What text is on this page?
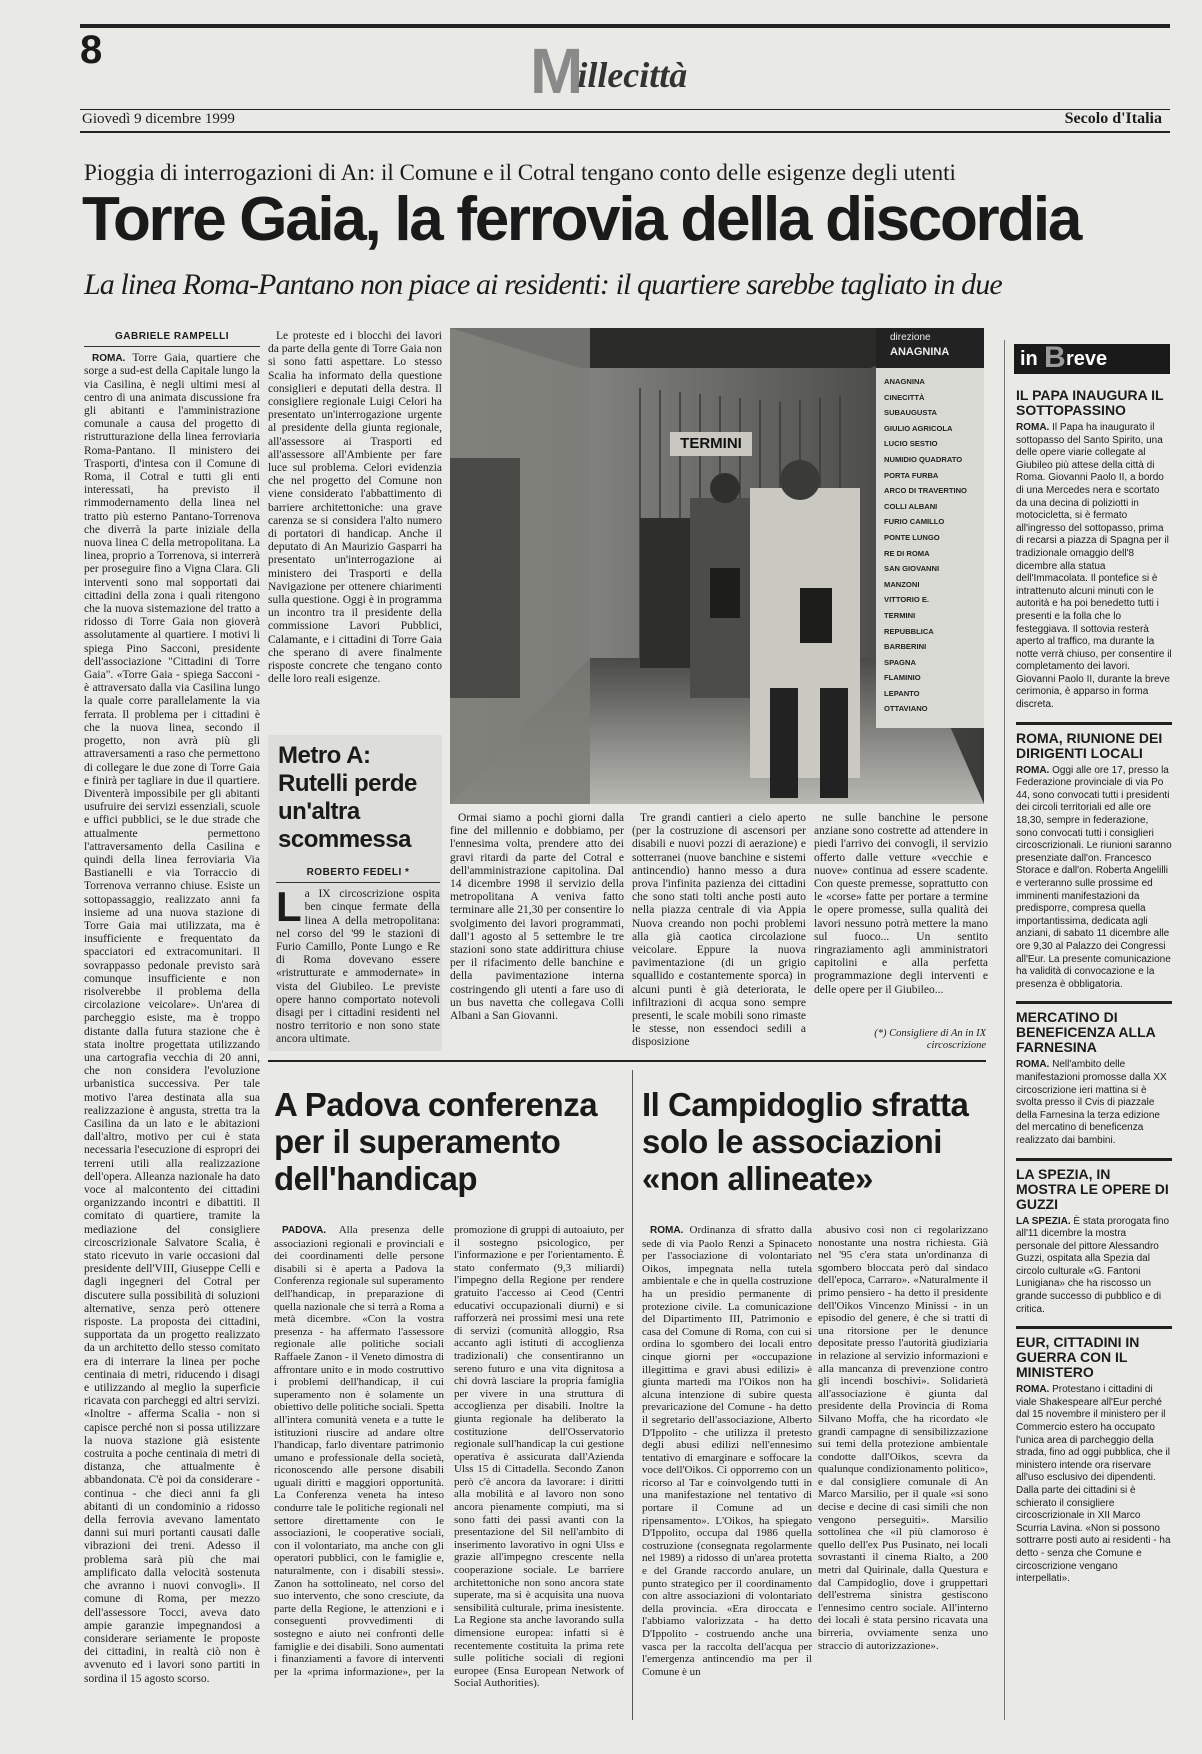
8	Millecittà
Giovedì 9 dicembre 1999	Secolo d'Italia
Pioggia di interrogazioni di An: il Comune e il Cotral tengano conto delle esigenze degli utenti
Torre Gaia, la ferrovia della discordia
La linea Roma-Pantano non piace ai residenti: il quartiere sarebbe tagliato in due
GABRIELE RAMPELLI

ROMA. Torre Gaia, quartiere che sorge a sud-est della Capitale lungo la via Casilina, è negli ultimi mesi al centro di una animata discussione fra gli abitanti e l'amministrazione comunale a causa del progetto di ristrutturazione della linea ferroviaria Roma-Pantano. Il ministero dei Trasporti, d'intesa con il Comune di Roma, il Cotral e tutti gli enti interessati, ha previsto il rimmodernamento della linea nel tratto più esterno Pantano-Torrenova che diverrà la parte iniziale della nuova linea C della metropolitana. La linea, proprio a Torrenova, si interrerà per proseguire fino a Vigna Clara. Gli interventi sono mal sopportati dai cittadini della zona i quali ritengono che la nuova sistemazione del tratto a ridosso di Torre Gaia non gioverà assolutamente al quartiere. I motivi li spiega Pino Sacconi, presidente dell'associazione "Cittadini di Torre Gaia". «Torre Gaia - spiega Sacconi - è attraversato dalla via Casilina lungo la quale corre parallelamente la via ferrata. Il problema per i cittadini è che la nuova linea, secondo il progetto, non avrà più gli attraversamenti a raso che permettono di collegare le due zone di Torre Gaia e finirà per tagliare in due il quartiere. Diventerà impossibile per gli abitanti usufruire dei servizi essenziali, scuole e uffici pubblici, se le due strade che attualmente permettono l'attraversamento della Casilina e quindi della linea ferroviaria Via Bastianelli e via Torraccio di Torrenova verranno chiuse. Esiste un sottopassaggio, realizzato anni fa insieme ad una nuova stazione di Torre Gaia mai utilizzata, ma è insufficiente e frequentato da spacciatori ed extracomunitari. Il sovrappasso pedonale previsto sarà comunque insufficiente e non risolverebbe il problema della circolazione veicolare». Un'area di parcheggio esiste, ma è troppo distante dalla futura stazione che è stata inoltre progettata utilizzando una cartografia vecchia di 20 anni, che non considera l'evoluzione urbanistica successiva. Per tale motivo l'area destinata alla sua realizzazione è angusta, stretta tra la Casilina da un lato e le abitazioni dall'altro, motivo per cui è stata necessaria l'esecuzione di espropri dei terreni utili alla realizzazione dell'opera. Alleanza nazionale ha dato voce al malcontento dei cittadini organizzando incontri e dibattiti. Il comitato di quartiere, tramite la mediazione del consigliere circoscrizionale Salvatore Scalia, è stato ricevuto in varie occasioni dal presidente dell'VIII, Giuseppe Celli e dagli ingegneri del Cotral per discutere sulla possibilità di soluzioni alternative, senza però ottenere risposte. La proposta dei cittadini, supportata da un progetto realizzato da un architetto dello stesso comitato era di interrare la linea per poche centinaia di metri, riducendo i disagi e utilizzando al meglio la superficie ricavata con parcheggi ed altri servizi. «Inoltre - afferma Scalia - non si capisce perché non si possa utilizzare la nuova stazione già esistente costruita a poche centinaia di metri di distanza, che attualmente è abbandonata. C'è poi da considerare - continua - che dieci anni fa gli abitanti di un condominio a ridosso della ferrovia avevano lamentato danni sui muri portanti causati dalle vibrazioni dei treni. Adesso il problema sarà più che mai amplificato dalla velocità sostenuta che avranno i nuovi convogli». Il comune di Roma, per mezzo dell'assessore Tocci, aveva dato ampie garanzie impegnandosi a considerare seriamente le proposte dei cittadini, in realtà ciò non è avvenuto ed i lavori sono partiti in sordina il 15 agosto scorso.

Le proteste ed i blocchi dei lavori da parte della gente di Torre Gaia non si sono fatti aspettare. Lo stesso Scalia ha informato della questione consiglieri e deputati della destra. Il consigliere regionale Luigi Celori ha presentato un'interrogazione urgente al presidente della giunta regionale, all'assessore ai Trasporti ed all'assessore all'Ambiente per fare luce sul problema. Celori evidenzia che nel progetto del Comune non viene considerato l'abbattimento di barriere architettoniche: una grave carenza se si considera l'alto numero di portatori di handicap. Anche il deputato di An Maurizio Gasparri ha presentato un'interrogazione ai ministero dei Trasporti e della Navigazione per ottenere chiarimenti sulla questione. Oggi è in programma un incontro tra il presidente della commissione Lavori Pubblici, Calamante, e i cittadini di Torre Gaia che sperano di avere finalmente risposte concrete che tengano conto delle loro reali esigenze.

TERMINI
direzione
ANAGNINA
ANAGNINA
CINECITTÀ
SUBAUGUSTA
GIULIO AGRICOLA
LUCIO SESTIO
NUMIDIO QUADRATO
PORTA FURBA
ARCO DI TRAVERTINO
COLLI ALBANI
FURIO CAMILLO
PONTE LUNGO
RE DI ROMA
SAN GIOVANNI
MANZONI
VITTORIO E.
TERMINI
REPUBBLICA
BARBERINI
SPAGNA
FLAMINIO
LEPANTO
OTTAVIANO
Metro A: Rutelli perde un'altra scommessa
ROBERTO FEDELI *

La IX circoscrizione ospita ben cinque fermate della linea A della metropolitana: nel corso del '99 le stazioni di Furio Camillo, Ponte Lungo e Re di Roma dovevano essere «ristrutturate e ammodernate» in vista del Giubileo. Le previste opere hanno comportato notevoli disagi per i cittadini residenti nel nostro territorio e non sono state ancora ultimate.

Ormai siamo a pochi giorni dalla fine del millennio e dobbiamo, per l'ennesima volta, prendere atto dei gravi ritardi da parte del Cotral e dell'amministrazione capitolina. Dal 14 dicembre 1998 il servizio della metropolitana A veniva fatto terminare alle 21,30 per consentire lo svolgimento dei lavori programmati, dall'1 agosto al 5 settembre le tre stazioni sono state addirittura chiuse per il rifacimento delle banchine e della pavimentazione interna costringendo gli utenti a fare uso di un bus navetta che collegava Colli Albani a San Giovanni.

Tre grandi cantieri a cielo aperto (per la costruzione di ascensori per disabili e nuovi pozzi di aerazione) e sotterranei (nuove banchine e sistemi antincendio) hanno messo a dura prova l'infinita pazienza dei cittadini che sono stati tolti anche posti auto nella piazza centrale di via Appia Nuova creando non pochi problemi alla già caotica circolazione veicolare. Eppure la nuova pavimentazione (di un grigio squallido e costantemente sporca) in alcuni punti è già deteriorata, le infiltrazioni di acqua sono sempre presenti, le scale mobili sono rimaste le stesse, non essendoci sedili a disposizione

ne sulle banchine le persone anziane sono costrette ad attendere in piedi l'arrivo dei convogli, il servizio offerto dalle vetture «vecchie e nuove» continua ad essere scadente. Con queste premesse, soprattutto con le «corse» fatte per portare a termine le opere promesse, sulla qualità dei lavori nessuno potrà mettere la mano sul fuoco... Un sentito ringraziamento agli amministratori capitolini e alla perfetta programmazione degli interventi e delle opere per il Giubileo...

(*) Consigliere di An in IX circoscrizione
A Padova conferenza per il superamento dell'handicap

PADOVA. Alla presenza delle associazioni regionali e provinciali e dei coordinamenti delle persone disabili si è aperta a Padova la Conferenza regionale sul superamento dell'handicap, in preparazione di quella nazionale che si terrà a Roma a metà dicembre. «Con la vostra presenza - ha affermato l'assessore regionale alle politiche sociali Raffaele Zanon - il Veneto dimostra di affrontare unito e in modo costruttivo i problemi dell'handicap, il cui superamento non è solamente un obiettivo delle politiche sociali. Spetta all'intera comunità veneta e a tutte le istituzioni riuscire ad andare oltre l'handicap, farlo diventare patrimonio umano e professionale della società, riconoscendo alle persone disabili uguali diritti e maggiori opportunità. La Conferenza veneta ha inteso condurre tale le politiche regionali nel settore direttamente con le associazioni, le cooperative sociali, con il volontariato, ma anche con gli operatori pubblici, con le famiglie e, naturalmente, con i disabili stessi». Zanon ha sottolineato, nel corso del suo intervento, che sono cresciute, da parte della Regione, le attenzioni e i conseguenti provvedimenti di sostegno e aiuto nei confronti delle famiglie e dei disabili. Sono aumentati i finanziamenti a favore di interventi per la «prima informazione», per la promozione di gruppi di autoaiuto, per il sostegno psicologico, per l'informazione e per l'orientamento. È stato confermato (9,3 miliardi) l'impegno della Regione per rendere gratuito l'accesso ai Ceod (Centri educativi occupazionali diurni) e si rafforzerà nei prossimi mesi una rete di servizi (comunità alloggio, Rsa accanto agli istituti di accoglienza tradizionali) che consentiranno un sereno futuro e una vita dignitosa a chi dovrà lasciare la propria famiglia per vivere in una struttura di accoglienza per disabili. Inoltre la giunta regionale ha deliberato la costituzione dell'Osservatorio regionale sull'handicap la cui gestione operativa è assicurata dall'Azienda Ulss 15 di Cittadella. Secondo Zanon però c'è ancora da lavorare: i diritti alla mobilità e al lavoro non sono ancora pienamente compiuti, ma si sono fatti dei passi avanti con la presentazione del Sil nell'ambito di inserimento lavorativo in ogni Ulss e grazie all'impegno crescente nella cooperazione sociale. Le barriere architettoniche non sono ancora state superate, ma si è acquisita una nuova sensibilità culturale, prima inesistente. La Regione sta anche lavorando sulla dimensione europea: infatti si è recentemente costituita la prima rete sulle politiche sociali di regioni europee (Ensa European Network of Social Authorities).

Il Campidoglio sfratta solo le associazioni «non allineate»

ROMA. Ordinanza di sfratto dalla sede di via Paolo Renzi a Spinaceto per l'associazione di volontariato Oikos, impegnata nella tutela ambientale e che in quella costruzione ha un presidio permanente di protezione civile. La comunicazione del Dipartimento III, Patrimonio e casa del Comune di Roma, con cui si ordina lo sgombero dei locali entro cinque giorni per «occupazione illegittima e gravi abusi edilizi» è giunta martedì ma l'Oikos non ha alcuna intenzione di subire questa prevaricazione del Comune - ha detto il segretario dell'associazione, Alberto D'Ippolito - che utilizza il pretesto degli abusi edilizi nell'ennesimo tentativo di emarginare e soffocare la voce dell'Oikos. Ci opporremo con un ricorso al Tar e coinvolgendo tutti in una manifestazione nel tentativo di portare il Comune ad un ripensamento». L'Oikos, ha spiegato D'Ippolito, occupa dal 1986 quella costruzione (consegnata regolarmente nel 1989) a ridosso di un'area protetta e del Grande raccordo anulare, un punto strategico per il coordinamento con altre associazioni di volontariato della provincia. «Era diroccata e l'abbiamo valorizzata - ha detto D'Ippolito - costruendo anche una vasca per la raccolta dell'acqua per l'emergenza antincendio ma per il Comune è un

abusivo così non ci regolarizzano nonostante una nostra richiesta. Già nel '95 c'era stata un'ordinanza di sgombero bloccata però dal sindaco dell'epoca, Carraro». «Naturalmente il primo pensiero - ha detto il presidente dell'Oikos Vincenzo Minissi - in un episodio del genere, è che si tratti di una ritorsione per le denunce depositate presso l'autorità giudiziaria in relazione al servizio informazioni e alla mancanza di prevenzione contro gli incendi boschivi». Solidarietà all'associazione è giunta dal presidente della Provincia di Roma Silvano Moffa, che ha ricordato «le grandi campagne di sensibilizzazione sui temi della protezione ambientale condotte dall'Oikos, scevra da qualunque condizionamento politico», e dal consigliere comunale di An Marco Marsilio, per il quale «si sono decise e decine di casi simili che non vengono perseguiti». Marsilio sottolinea che «il più clamoroso è quello dell'ex Pus Pusinato, nei locali sovrastanti il cinema Rialto, a 200 metri dal Quirinale, dalla Questura e dal Campidoglio, dove i gruppettari dell'estrema sinistra gestiscono l'ennesimo centro sociale. All'interno dei locali è stata persino ricavata una birreria, ovviamente senza uno straccio di autorizzazione».

in B reve
IL PAPA INAUGURA IL SOTTOPASSINO

ROMA. Il Papa ha inaugurato il sottopasso del Santo Spirito, una delle opere viarie collegate al Giubileo più attese della città di Roma. Giovanni Paolo II, a bordo di una Mercedes nera e scortato da una decina di poliziotti in motocicletta, si è fermato all'ingresso del sottopasso, prima di recarsi a piazza di Spagna per il tradizionale omaggio dell'8 dicembre alla statua dell'Immacolata. Il pontefice si è intrattenuto alcuni minuti con le autorità e ha poi benedetto tutti i presenti e la folla che lo festeggiava. Il sottovia resterà aperto al traffico, ma durante la notte verrà chiuso, per consentire il completamento dei lavori. Giovanni Paolo II, durante la breve cerimonia, è apparso in forma discreta.

ROMA, RIUNIONE DEI DIRIGENTI LOCALI

ROMA. Oggi alle ore 17, presso la Federazione provinciale di via Po 44, sono convocati tutti i presidenti dei circoli territoriali ed alle ore 18,30, sempre in federazione, sono convocati tutti i consiglieri circoscrizionali. Le riunioni saranno presenziate dall'on. Francesco Storace e dall'on. Roberta Angelilli e verteranno sulle prossime ed imminenti manifestazioni da predisporre, compresa quella importantissima, dedicata agli anziani, di sabato 11 dicembre alle ore 9,30 al Palazzo dei Congressi all'Eur. La presente comunicazione ha validità di convocazione e la presenza è obbligatoria.

MERCATINO DI BENEFICENZA ALLA FARNESINA

ROMA. Nell'ambito delle manifestazioni promosse dalla XX circoscrizione ieri mattina si è svolta presso il Cvis di piazzale della Farnesina la terza edizione del mercatino di beneficenza realizzato dai bambini.

LA SPEZIA, IN MOSTRA LE OPERE DI GUZZI

LA SPEZIA. È stata prorogata fino all'11 dicembre la mostra personale del pittore Alessandro Guzzi, ospitata alla Spezia dal circolo culturale «G. Fantoni Lunigiana» che ha riscosso un grande successo di pubblico e di critica.

EUR, CITTADINI IN GUERRA CON IL MINISTERO

ROMA. Protestano i cittadini di viale Shakespeare all'Eur perché dal 15 novembre il ministero per il Commercio estero ha occupato l'unica area di parcheggio della strada, fino ad oggi pubblica, che il ministero intende ora riservare all'uso esclusivo dei dipendenti. Dalla parte dei cittadini si è schierato il consigliere circoscrizionale in XII Marco Scurria Lavina. «Non si possono sottrarre posti auto ai residenti - ha detto - senza che Comune e circoscrizione vengano interpellati».
